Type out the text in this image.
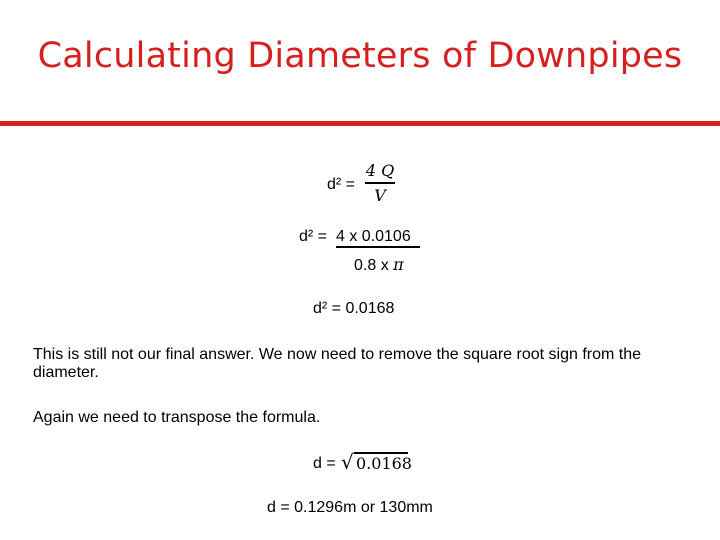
Calculating Diameters of Downpipes
d² =
4 Q
V
d² = 4 x 0.0106
0.8 x π
d² = 0.0168
This is still not our final answer. We now need to remove the square root sign from the diameter.
Again we need to transpose the formula.
d = √ 0.0168
d = 0.1296m or 130mm
